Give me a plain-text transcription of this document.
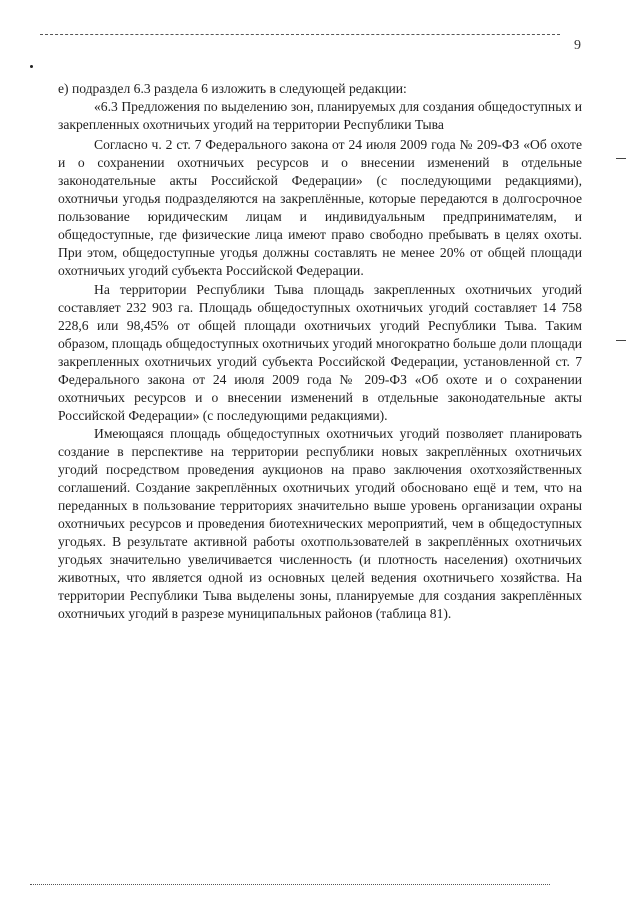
9

е) подраздел 6.3 раздела 6 изложить в следующей редакции:

«6.3 Предложения по выделению зон, планируемых для создания общедоступных и закрепленных охотничьих угодий на территории Республики Тыва

Согласно ч. 2 ст. 7 Федерального закона от 24 июля 2009 года № 209-ФЗ «Об охоте и о сохранении охотничьих ресурсов и о внесении изменений в отдельные законодательные акты Российской Федерации» (с последующими редакциями), охотничьи угодья подразделяются на закреплённые, которые передаются в долгосрочное пользование юридическим лицам и индивидуальным предпринимателям, и общедоступные, где физические лица имеют право свободно пребывать в целях охоты. При этом, общедоступные угодья должны составлять не менее 20% от общей площади охотничьих угодий субъекта Российской Федерации.

На территории Республики Тыва площадь закрепленных охотничьих угодий составляет 232 903 га. Площадь общедоступных охотничьих угодий составляет 14 758 228,6 или 98,45% от общей площади охотничьих угодий Республики Тыва. Таким образом, площадь общедоступных охотничьих угодий многократно больше доли площади закрепленных охотничьих угодий субъекта Российской Федерации, установленной ст. 7 Федерального закона от 24 июля 2009 года № 209-ФЗ «Об охоте и о сохранении охотничьих ресурсов и о внесении изменений в отдельные законодательные акты Российской Федерации» (с последующими редакциями).

Имеющаяся площадь общедоступных охотничьих угодий позволяет планировать создание в перспективе на территории республики новых закреплённых охотничьих угодий посредством проведения аукционов на право заключения охотхозяйственных соглашений. Создание закреплённых охотничьих угодий обосновано ещё и тем, что на переданных в пользование территориях значительно выше уровень организации охраны охотничьих ресурсов и проведения биотехнических мероприятий, чем в общедоступных угодьях. В результате активной работы охотпользователей в закреплённых охотничьих угодьях значительно увеличивается численность (и плотность населения) охотничьих животных, что является одной из основных целей ведения охотничьего хозяйства. На территории Республики Тыва выделены зоны, планируемые для создания закреплённых охотничьих угодий в разрезе муниципальных районов (таблица 81).
